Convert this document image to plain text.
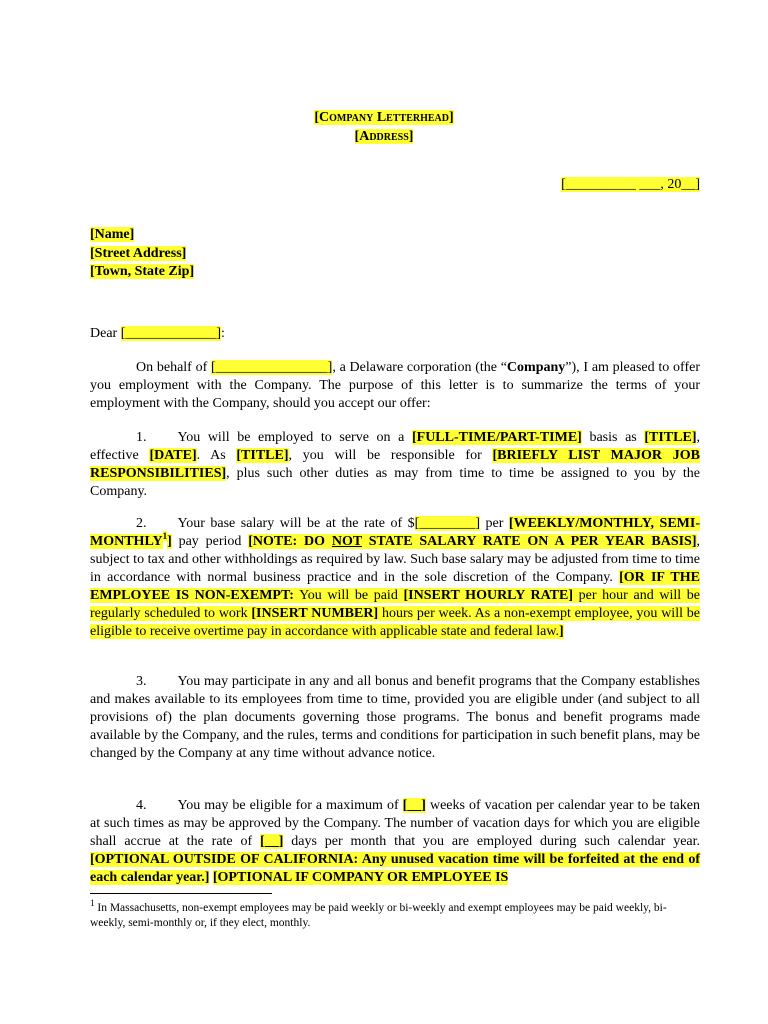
[Company Letterhead]
[Address]
[__________ ___, 20__]
[Name]
[Street Address]
[Town, State Zip]
Dear [_____________]:
On behalf of [________________], a Delaware corporation (the “Company”), I am pleased to offer you employment with the Company. The purpose of this letter is to summarize the terms of your employment with the Company, should you accept our offer:
1. You will be employed to serve on a [FULL-TIME/PART-TIME] basis as [TITLE], effective [DATE]. As [TITLE], you will be responsible for [BRIEFLY LIST MAJOR JOB RESPONSIBILITIES], plus such other duties as may from time to time be assigned to you by the Company.
2. Your base salary will be at the rate of $[________] per [WEEKLY/MONTHLY, SEMI-MONTHLY$^1$] pay period [NOTE: DO NOT STATE SALARY RATE ON A PER YEAR BASIS], subject to tax and other withholdings as required by law. Such base salary may be adjusted from time to time in accordance with normal business practice and in the sole discretion of the Company. [OR IF THE EMPLOYEE IS NON-EXEMPT: You will be paid [INSERT HOURLY RATE] per hour and will be regularly scheduled to work [INSERT NUMBER] hours per week. As a non-exempt employee, you will be eligible to receive overtime pay in accordance with applicable state and federal law.]
3. You may participate in any and all bonus and benefit programs that the Company establishes and makes available to its employees from time to time, provided you are eligible under (and subject to all provisions of) the plan documents governing those programs. The bonus and benefit programs made available by the Company, and the rules, terms and conditions for participation in such benefit plans, may be changed by the Company at any time without advance notice.
4. You may be eligible for a maximum of [__] weeks of vacation per calendar year to be taken at such times as may be approved by the Company. The number of vacation days for which you are eligible shall accrue at the rate of [__] days per month that you are employed during such calendar year. [OPTIONAL OUTSIDE OF CALIFORNIA: Any unused vacation time will be forfeited at the end of each calendar year.] [OPTIONAL IF COMPANY OR EMPLOYEE IS
$^1$ In Massachusetts, non-exempt employees may be paid weekly or bi-weekly and exempt employees may be paid weekly, bi-weekly, semi-monthly or, if they elect, monthly.
